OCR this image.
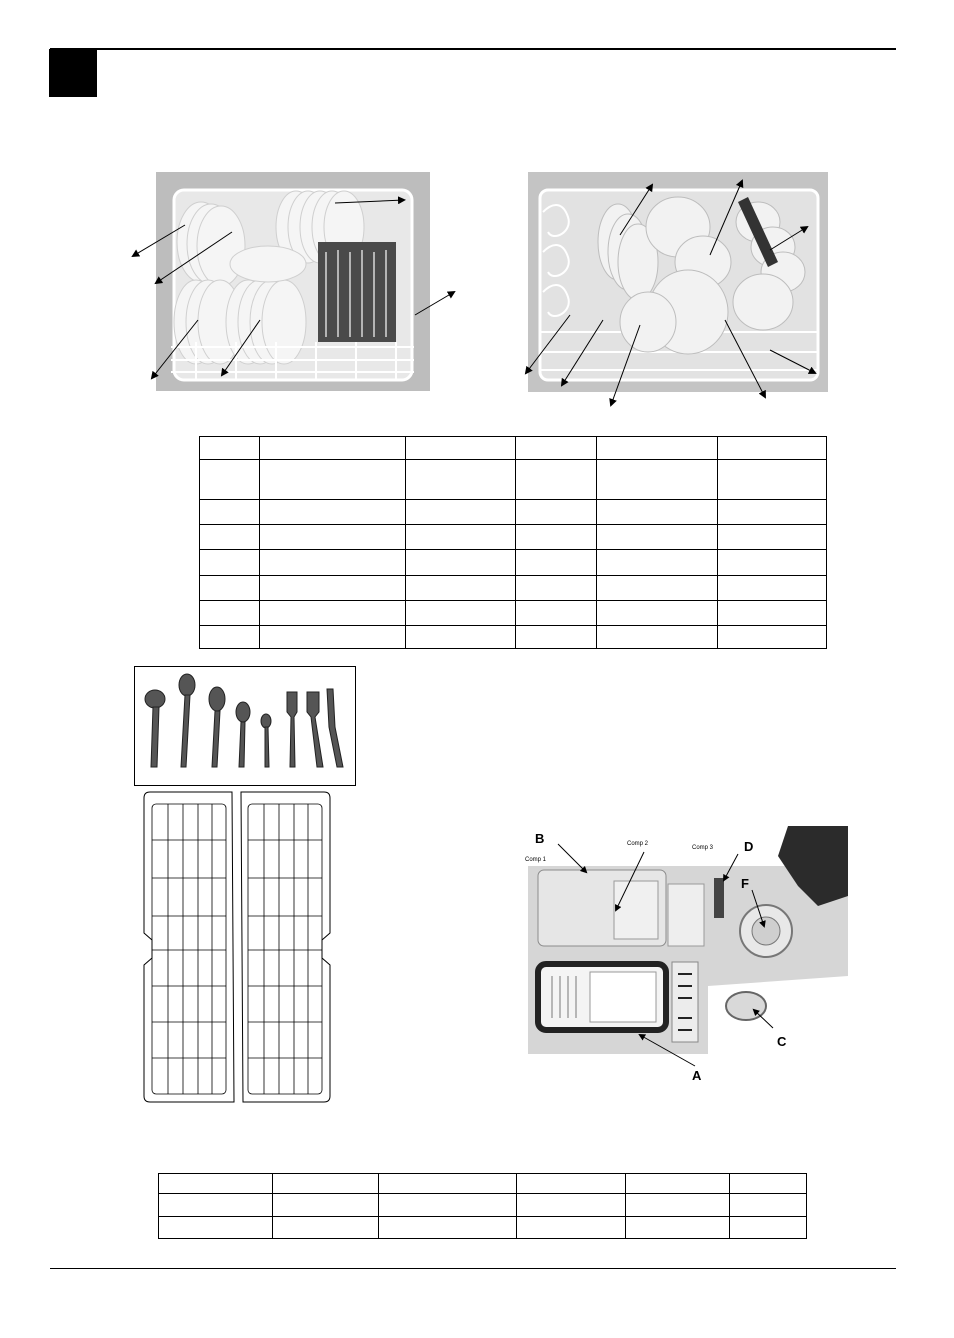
B
Comp 1
Comp 2
Comp 3 D
F
C
A
